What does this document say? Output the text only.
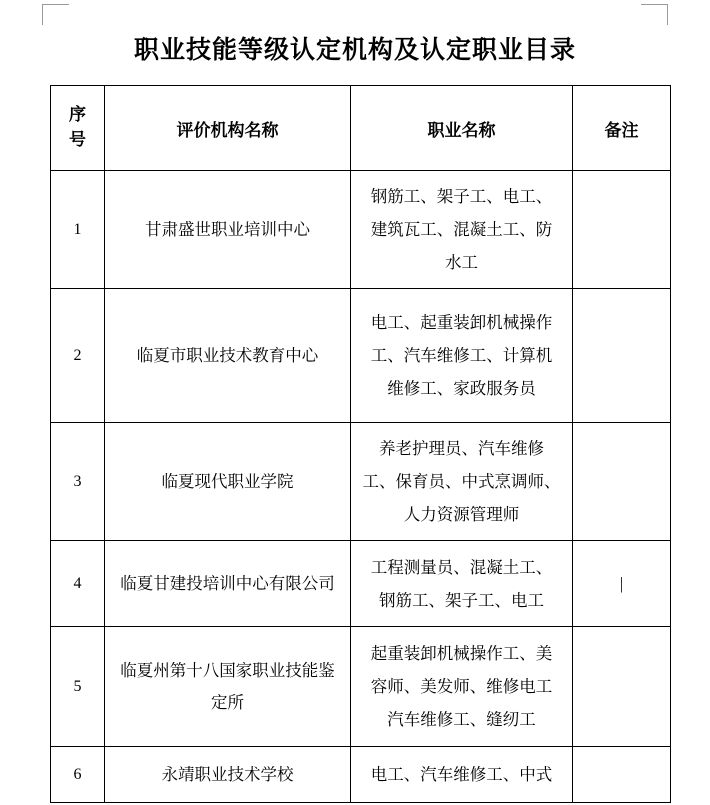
职业技能等级认定机构及认定职业目录
序
号	评价机构名称	职业名称	备注
1	甘肃盛世职业培训中心	钢筋工、架子工、电工、
建筑瓦工、混凝土工、防
水工	

2	临夏市职业技术教育中心	电工、起重装卸机械操作
工、汽车维修工、计算机
维修工、家政服务员	

3	临夏现代职业学院	养老护理员、汽车维修
工、保育员、中式烹调师、
人力资源管理师	

4	临夏甘建投培训中心有限公司	工程测量员、混凝土工、
钢筋工、架子工、电工	|
5	临夏州第十八国家职业技能鉴
定所	起重装卸机械操作工、美
容师、美发师、维修电工
汽车维修工、缝纫工	

6	永靖职业技术学校	电工、汽车维修工、中式	
